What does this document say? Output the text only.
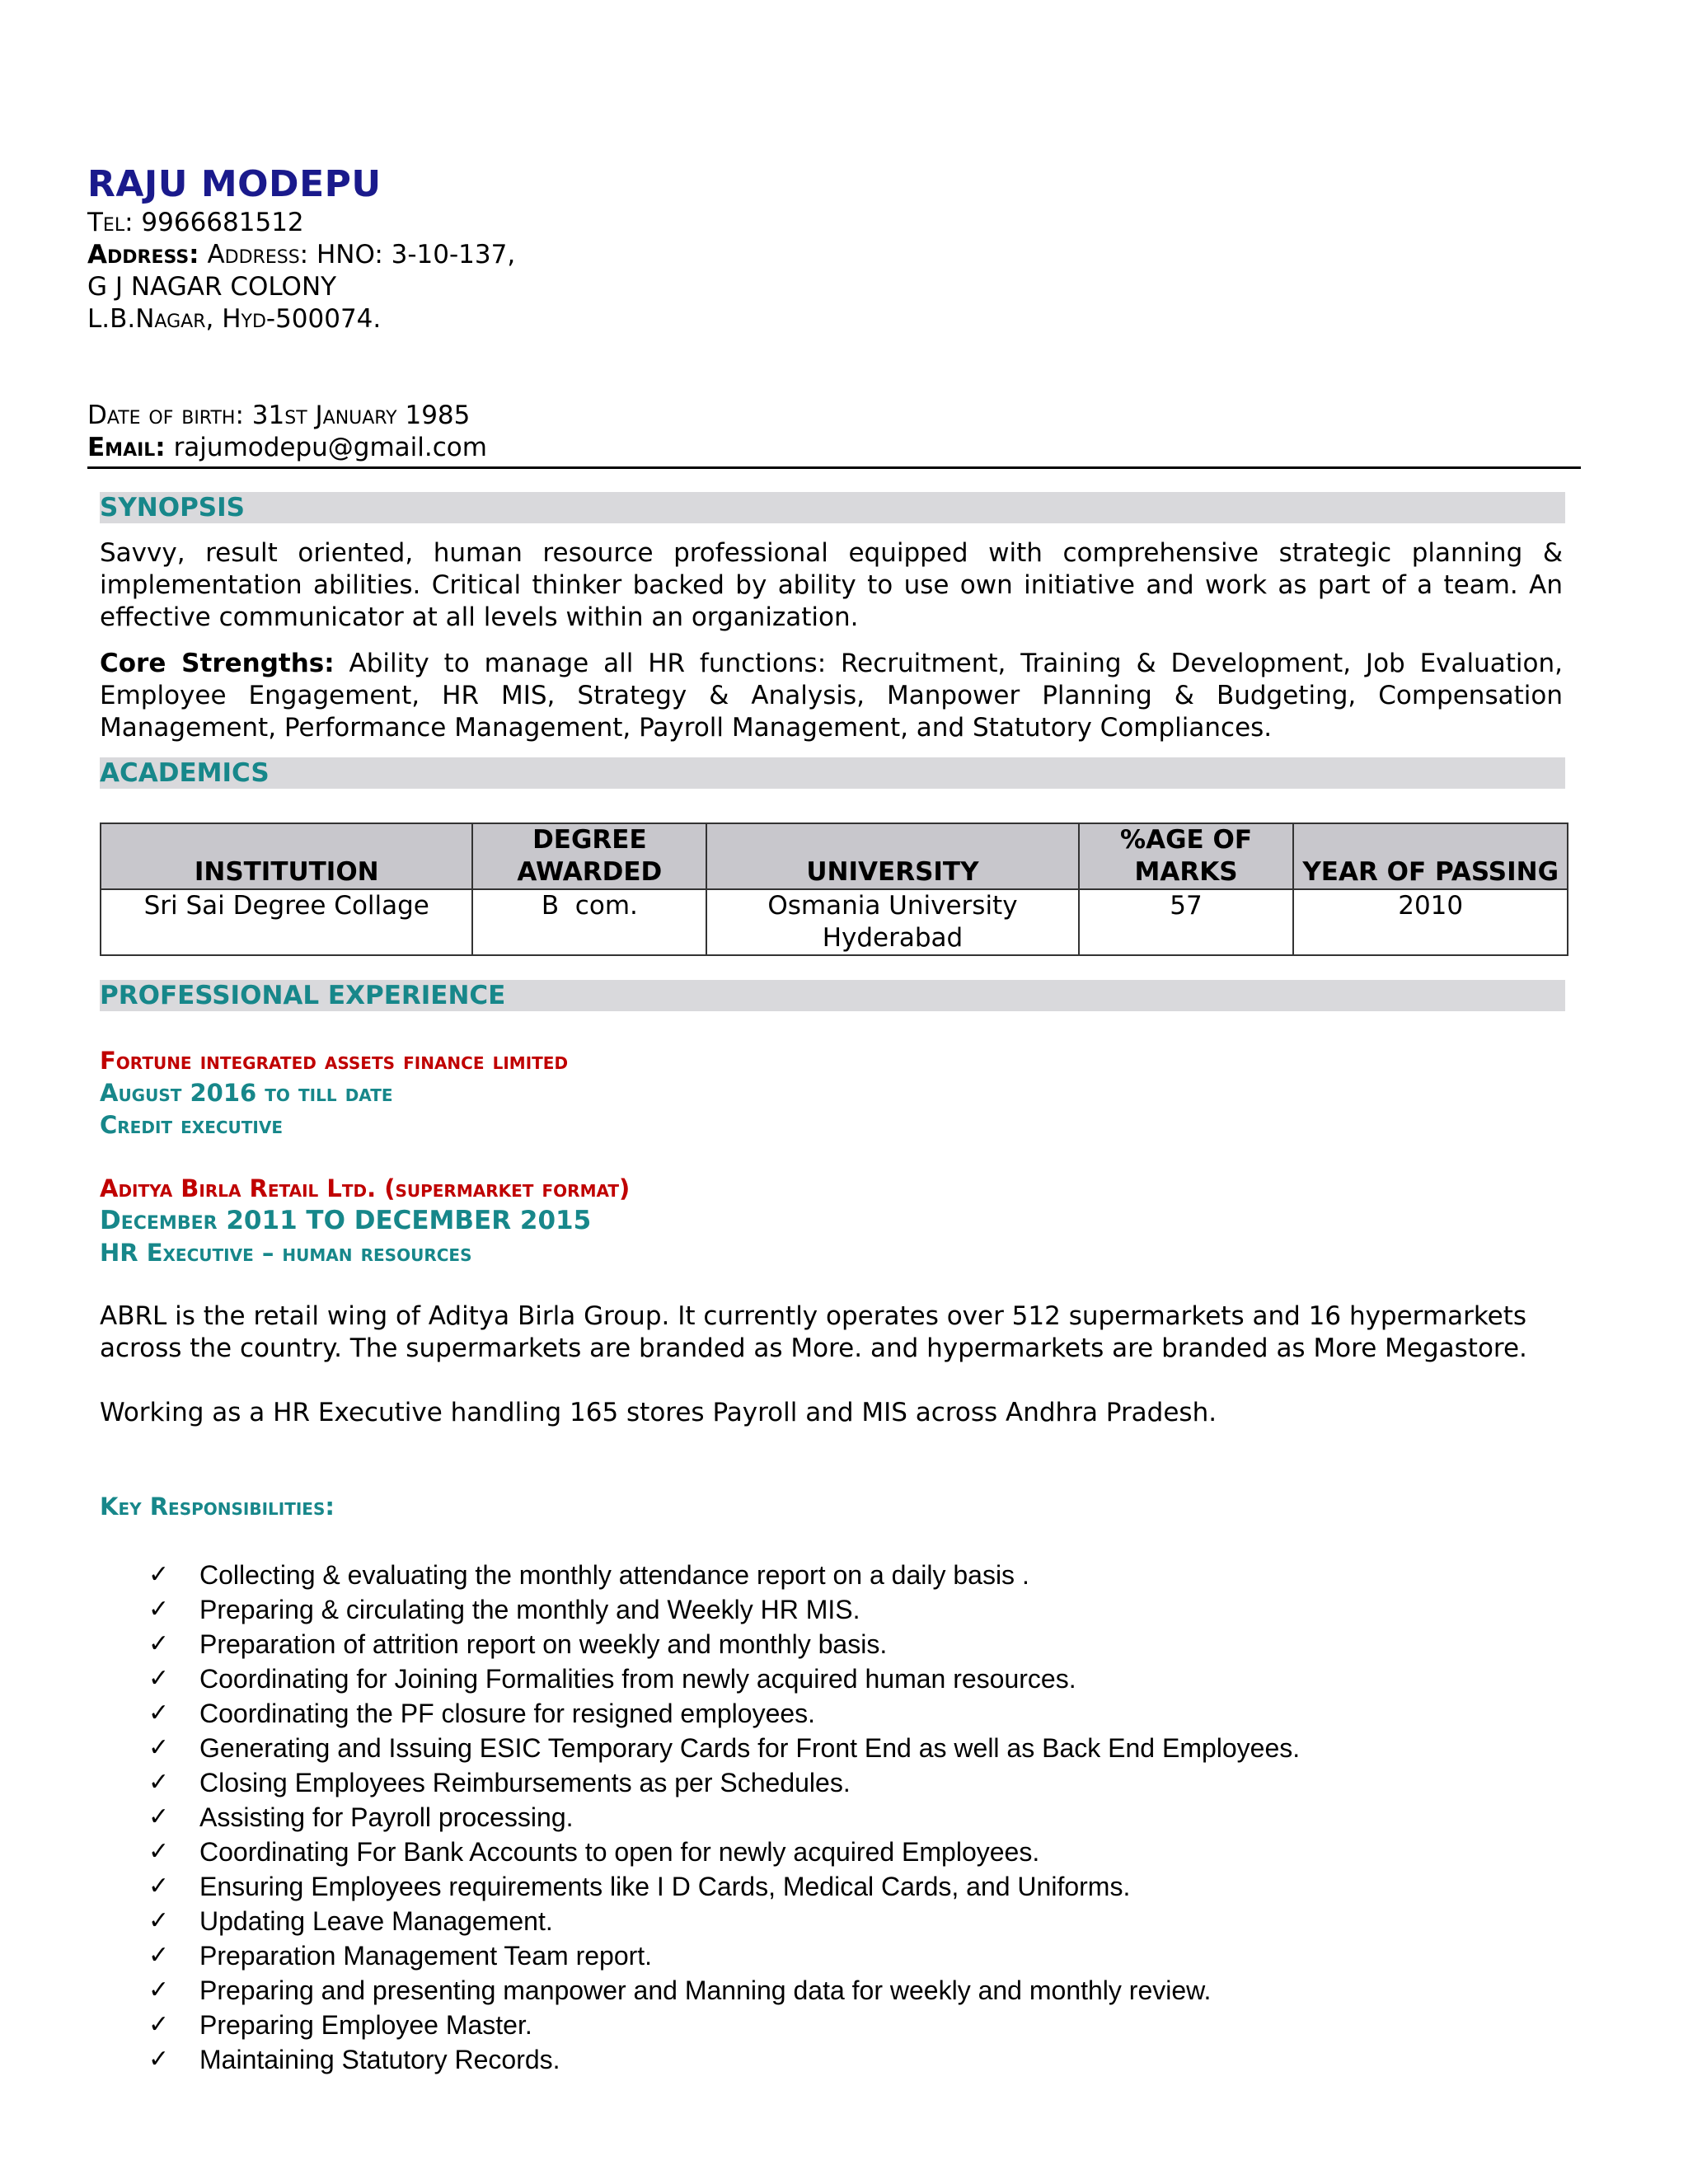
RAJU MODEPU
Tel: 9966681512
Address: Address: HNO: 3-10-137,
G J NAGAR COLONY
L.B.Nagar, Hyd-500074.
Date of birth: 31st January 1985
Email: rajumodepu@gmail.com
SYNOPSIS
Savvy, result oriented, human resource professional equipped with comprehensive strategic planning & implementation abilities. Critical thinker backed by ability to use own initiative and work as part of a team. An effective communicator at all levels within an organization.
Core Strengths: Ability to manage all HR functions: Recruitment, Training & Development, Job Evaluation, Employee Engagement, HR MIS, Strategy & Analysis, Manpower Planning & Budgeting, Compensation Management, Performance Management, Payroll Management, and Statutory Compliances.
ACADEMICS
INSTITUTION	DEGREE AWARDED	UNIVERSITY	%AGE OF MARKS	YEAR OF PASSING
Sri Sai Degree Collage	B  com.	Osmania University Hyderabad	57	2010
PROFESSIONAL EXPERIENCE
Fortune integrated assets finance limited
August 2016 to till date
Credit executive
Aditya Birla Retail Ltd. (supermarket format)
December 2011 TO DECEMBER 2015
HR Executive – human resources
ABRL is the retail wing of Aditya Birla Group. It currently operates over 512 supermarkets and 16 hypermarkets across the country. The supermarkets are branded as More. and hypermarkets are branded as More Megastore.
Working as a HR Executive handling 165 stores Payroll and MIS across Andhra Pradesh.
Key Responsibilities:
✓ Collecting & evaluating the monthly attendance report on a daily basis .
✓ Preparing & circulating the monthly and Weekly HR MIS.
✓ Preparation of attrition report on weekly and monthly basis.
✓ Coordinating for Joining Formalities from newly acquired human resources.
✓ Coordinating the PF closure for resigned employees.
✓ Generating and Issuing ESIC Temporary Cards for Front End as well as Back End Employees.
✓ Closing Employees Reimbursements as per Schedules.
✓ Assisting for Payroll processing.
✓ Coordinating For Bank Accounts to open for newly acquired Employees.
✓ Ensuring Employees requirements like I D Cards, Medical Cards, and Uniforms.
✓ Updating Leave Management.
✓ Preparation Management Team report.
✓ Preparing and presenting manpower and Manning data for weekly and monthly review.
✓ Preparing Employee Master.
✓ Maintaining Statutory Records.
